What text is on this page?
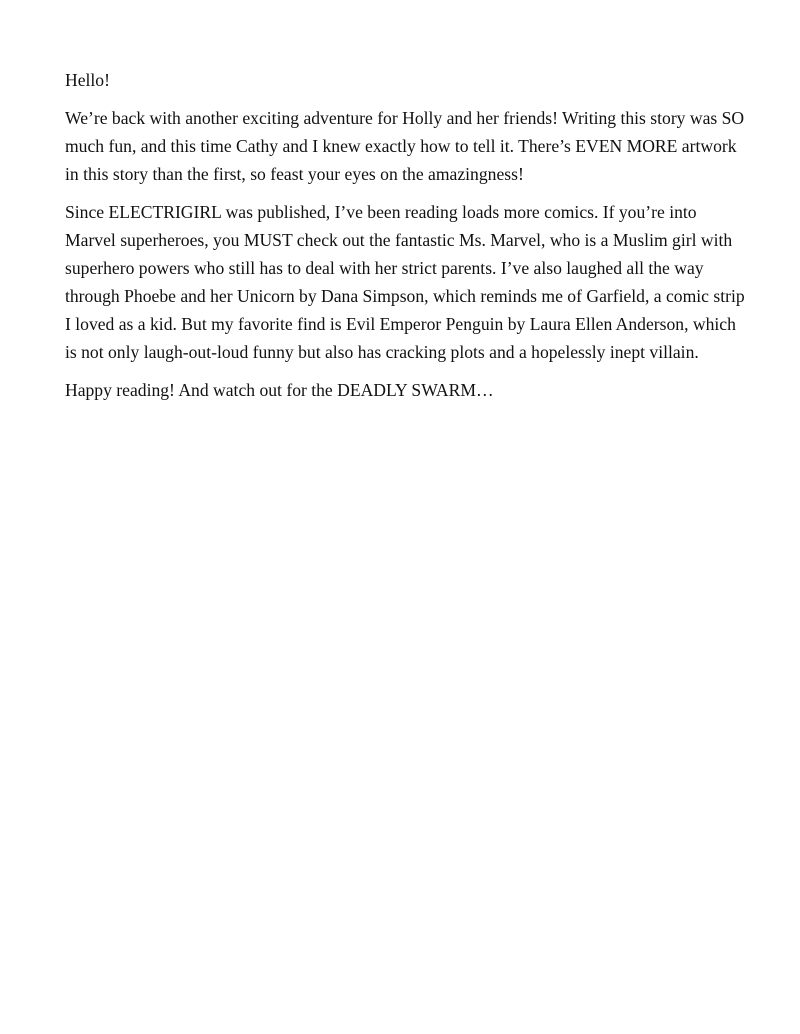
Hello!

We’re back with another exciting adventure for Holly and her friends! Writing this story was SO much fun, and this time Cathy and I knew exactly how to tell it. There’s EVEN MORE artwork in this story than the first, so feast your eyes on the amazingness!

Since ELECTRIGIRL was published, I’ve been reading loads more comics. If you’re into Marvel superheroes, you MUST check out the fantastic Ms. Marvel, who is a Muslim girl with superhero powers who still has to deal with her strict parents. I’ve also laughed all the way through Phoebe and her Unicorn by Dana Simpson, which reminds me of Garfield, a comic strip I loved as a kid. But my favorite find is Evil Emperor Penguin by Laura Ellen Anderson, which is not only laugh-out-loud funny but also has cracking plots and a hopelessly inept villain.

Happy reading! And watch out for the DEADLY SWARM…
